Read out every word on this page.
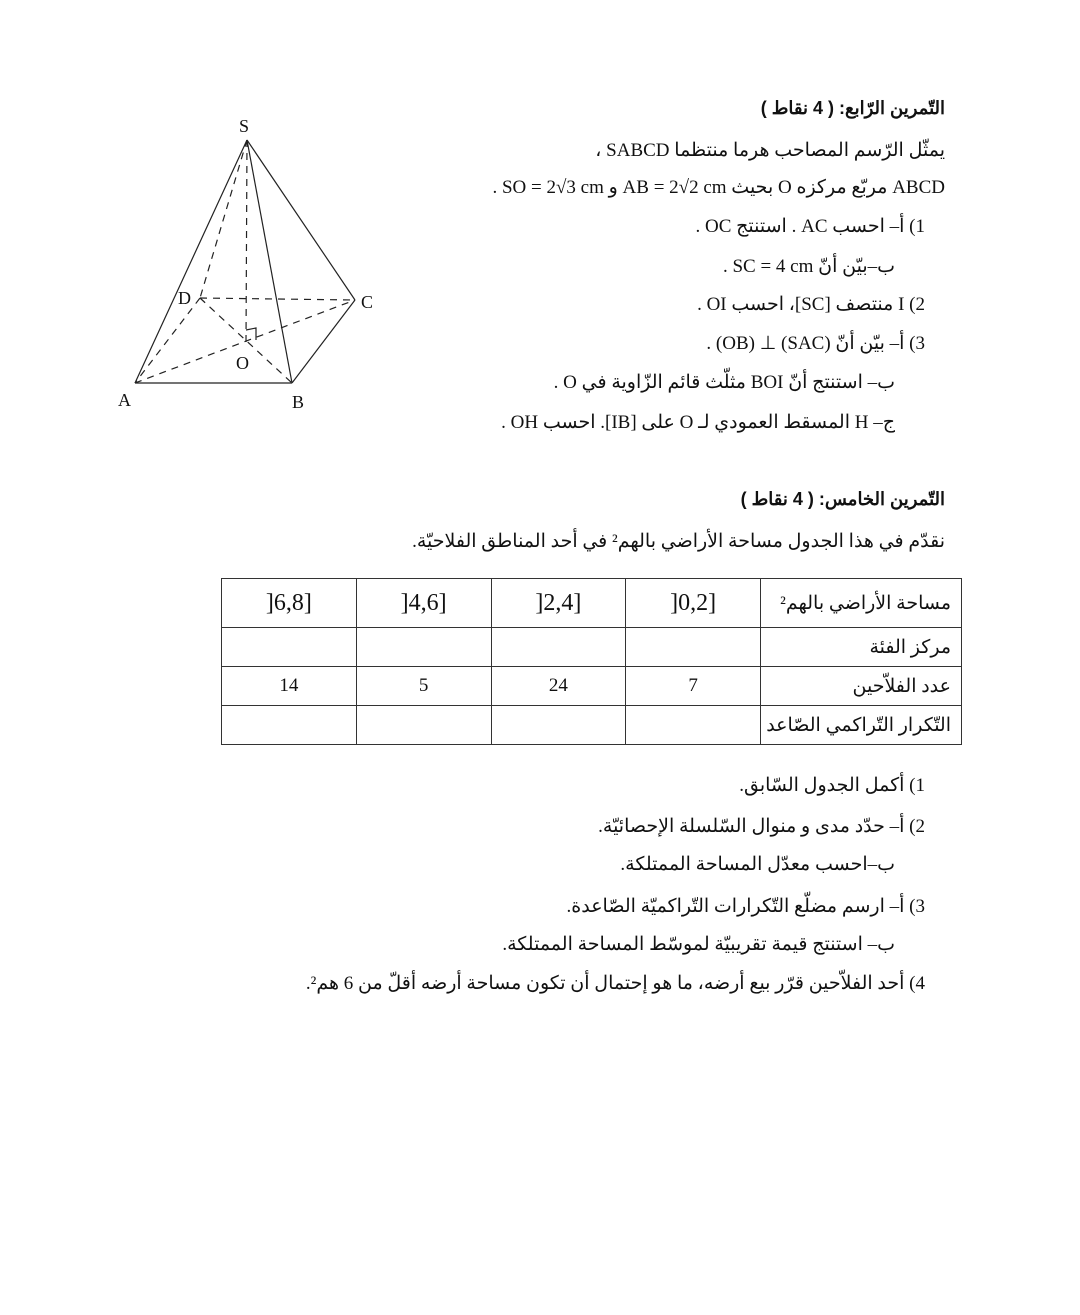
S
D	C
O
A	B
التّمرين الرّابع: ( 4 نقاط )
يمثّل الرّسم المصاحب هرما منتظما SABCD ،
ABCD مربّع مركزه O بحيث AB = 2√2 cm و SO = 2√3 cm .
1) أ– احسب AC . استنتج OC .
ب–بيّن أنّ SC = 4 cm .
2) I منتصف [SC]، احسب OI .
3) أ– بيّن أنّ (SAC) ⊥ (OB) .
ب– استنتج أنّ BOI مثلّث قائم الزّاوية في O .
ج– H المسقط العمودي لـ O على [IB]. احسب OH .
التّمرين الخامس: ( 4 نقاط )
نقدّم في هذا الجدول مساحة الأراضي بالهم² في أحد المناطق الفلاحيّة.
مساحة الأراضي بالهم²	[0,2[	[2,4[	[4,6[	[6,8[
مركز الفئة				
عدد الفلاّحين	7	24	5	14
التّكرار التّراكمي الصّاعد				
1) أكمل الجدول السّابق.
2) أ– حدّد مدى و منوال السّلسلة الإحصائيّة.
ب–احسب معدّل المساحة الممتلكة.
3) أ– ارسم مضلّع التّكرارات التّراكميّة الصّاعدة.
ب– استنتج قيمة تقريبيّة لموسّط المساحة الممتلكة.
4) أحد الفلاّحين قرّر بيع أرضه، ما هو إحتمال أن تكون مساحة أرضه أقلّ من 6 هم².
